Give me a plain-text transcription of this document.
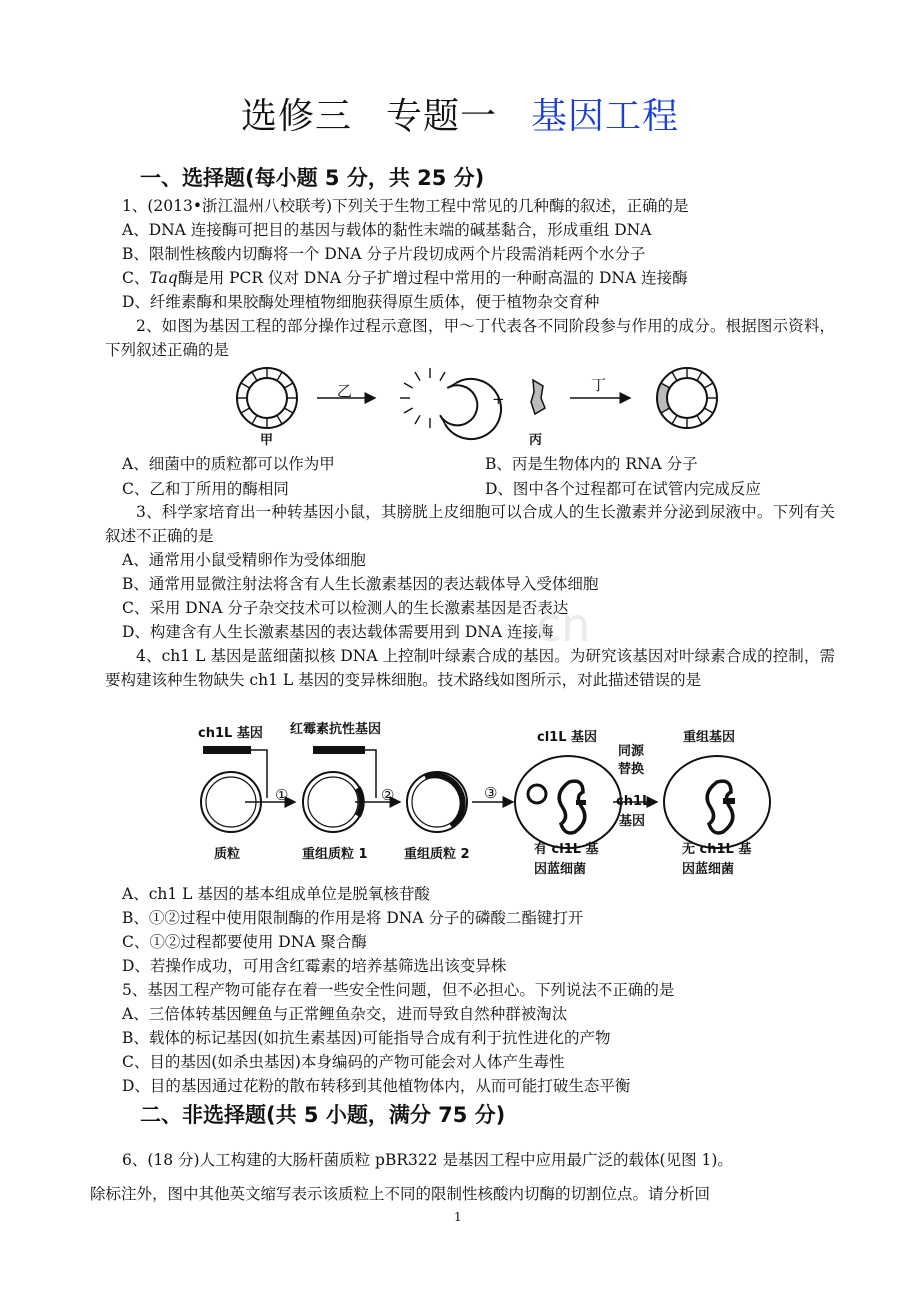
选修三 专题一 基因工程
一、选择题(每小题 5 分，共 25 分)
1、(2013•浙江温州八校联考)下列关于生物工程中常见的几种酶的叙述，正确的是
A、DNA 连接酶可把目的基因与载体的黏性末端的碱基黏合，形成重组 DNA
B、限制性核酸内切酶将一个 DNA 分子片段切成两个片段需消耗两个水分子
C、Taq酶是用 PCR 仪对 DNA 分子扩增过程中常用的一种耐高温的 DNA 连接酶
D、纤维素酶和果胶酶处理植物细胞获得原生质体，便于植物杂交育种
2、如图为基因工程的部分操作过程示意图，甲～丁代表各不同阶段参与作用的成分。根据图示资料，下列叙述正确的是
甲
乙	+
丙
丁
A、细菌中的质粒都可以作为甲	B、丙是生物体内的 RNA 分子
C、乙和丁所用的酶相同	D、图中各个过程都可在试管内完成反应
3、科学家培育出一种转基因小鼠，其膀胱上皮细胞可以合成人的生长激素并分泌到尿液中。下列有关叙述不正确的是
A、通常用小鼠受精卵作为受体细胞
B、通常用显微注射法将含有人生长激素基因的表达载体导入受体细胞
C、采用 DNA 分子杂交技术可以检测人的生长激素基因是否表达
D、构建含有人生长激素基因的表达载体需要用到 DNA 连接酶
cn
4、ch1 L 基因是蓝细菌拟核 DNA 上控制叶绿素合成的基因。为研究该基因对叶绿素合成的控制，需要构建该种生物缺失 ch1 L 基因的变异株细胞。技术路线如图所示，对此描述错误的是
ch1L 基因 红霉素抗性基因
①	②	③
质粒	重组质粒 1	重组质粒 2
cl1L 基因
有 cl1L 基
因蓝细菌
同源
替换
ch1L
基因
重组基因
无 ch1L 基
因蓝细菌
A、ch1 L 基因的基本组成单位是脱氧核苷酸
B、①②过程中使用限制酶的作用是将 DNA 分子的磷酸二酯键打开
C、①②过程都要使用 DNA 聚合酶
D、若操作成功，可用含红霉素的培养基筛选出该变异株
5、基因工程产物可能存在着一些安全性问题，但不必担心。下列说法不正确的是
A、三倍体转基因鲤鱼与正常鲤鱼杂交，进而导致自然种群被淘汰
B、载体的标记基因(如抗生素基因)可能指导合成有利于抗性进化的产物
C、目的基因(如杀虫基因)本身编码的产物可能会对人体产生毒性
D、目的基因通过花粉的散布转移到其他植物体内，从而可能打破生态平衡
二、非选择题(共 5 小题，满分 75 分)
6、(18 分)人工构建的大肠杆菌质粒 pBR322 是基因工程中应用最广泛的载体(见图 1)。
除标注外，图中其他英文缩写表示该质粒上不同的限制性核酸内切酶的切割位点。请分析回
1
